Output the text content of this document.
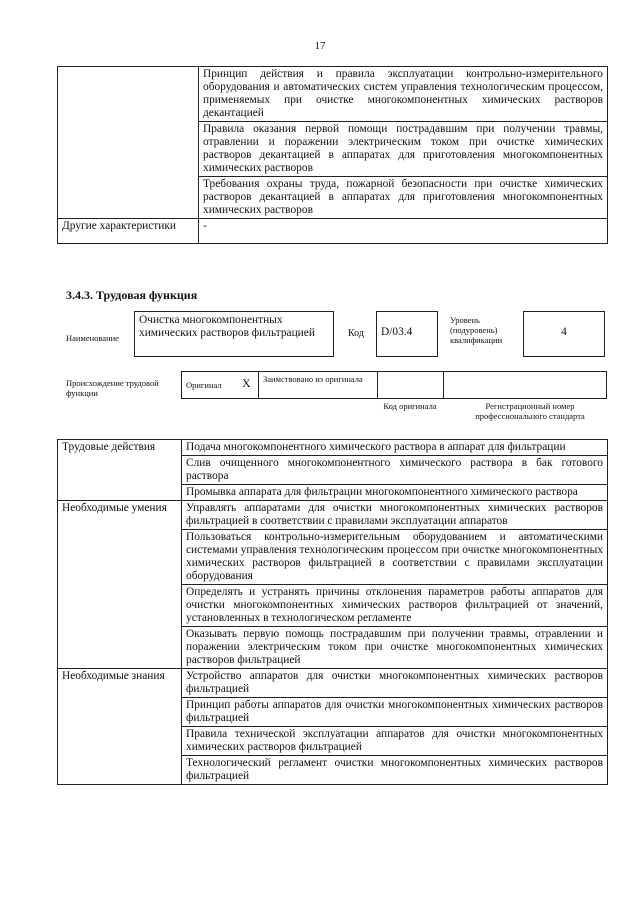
17
	Принцип действия и правила эксплуатации контрольно-измерительного оборудования и автоматических систем управления технологическим процессом, применяемых при очистке многокомпонентных химических растворов декантацией
	Правила оказания первой помощи пострадавшим при получении травмы, отравлении и поражении электрическим током при очистке химических растворов декантацией в аппаратах для приготовления многокомпонентных химических растворов
	Требования охраны труда, пожарной безопасности при очистке химических растворов декантацией в аппаратах для приготовления многокомпонентных химических растворов
Другие характеристики	-
3.4.3. Трудовая функция
Наименование
Очистка многокомпонентных химических растворов фильтрацией	Код	D/03.4
Уровень (подуровень) квалификации
4
Происхождение трудовой функции
Оригинал X Заимствовано из оригинала
Код оригинала	Регистрационный номер профессионального стандарта
Трудовые действия	Подача многокомпонентного химического раствора в аппарат для фильтрации
	Слив очищенного многокомпонентного химического раствора в бак готового раствора
	Промывка аппарата для фильтрации многокомпонентного химического раствора
Необходимые умения	Управлять аппаратами для очистки многокомпонентных химических растворов фильтрацией в соответствии с правилами эксплуатации аппаратов
	Пользоваться контрольно-измерительным оборудованием и автоматическими системами управления технологическим процессом при очистке многокомпонентных химических растворов фильтрацией в соответствии с правилами эксплуатации оборудования
	Определять и устранять причины отклонения параметров работы аппаратов для очистки многокомпонентных химических растворов фильтрацией от значений, установленных в технологическом регламенте
	Оказывать первую помощь пострадавшим при получении травмы, отравлении и поражении электрическим током при очистке многокомпонентных химических растворов фильтрацией
Необходимые знания	Устройство аппаратов для очистки многокомпонентных химических растворов фильтрацией
	Принцип работы аппаратов для очистки многокомпонентных химических растворов фильтрацией
	Правила технической эксплуатации аппаратов для очистки многокомпонентных химических растворов фильтрацией
	Технологический регламент очистки многокомпонентных химических растворов фильтрацией
